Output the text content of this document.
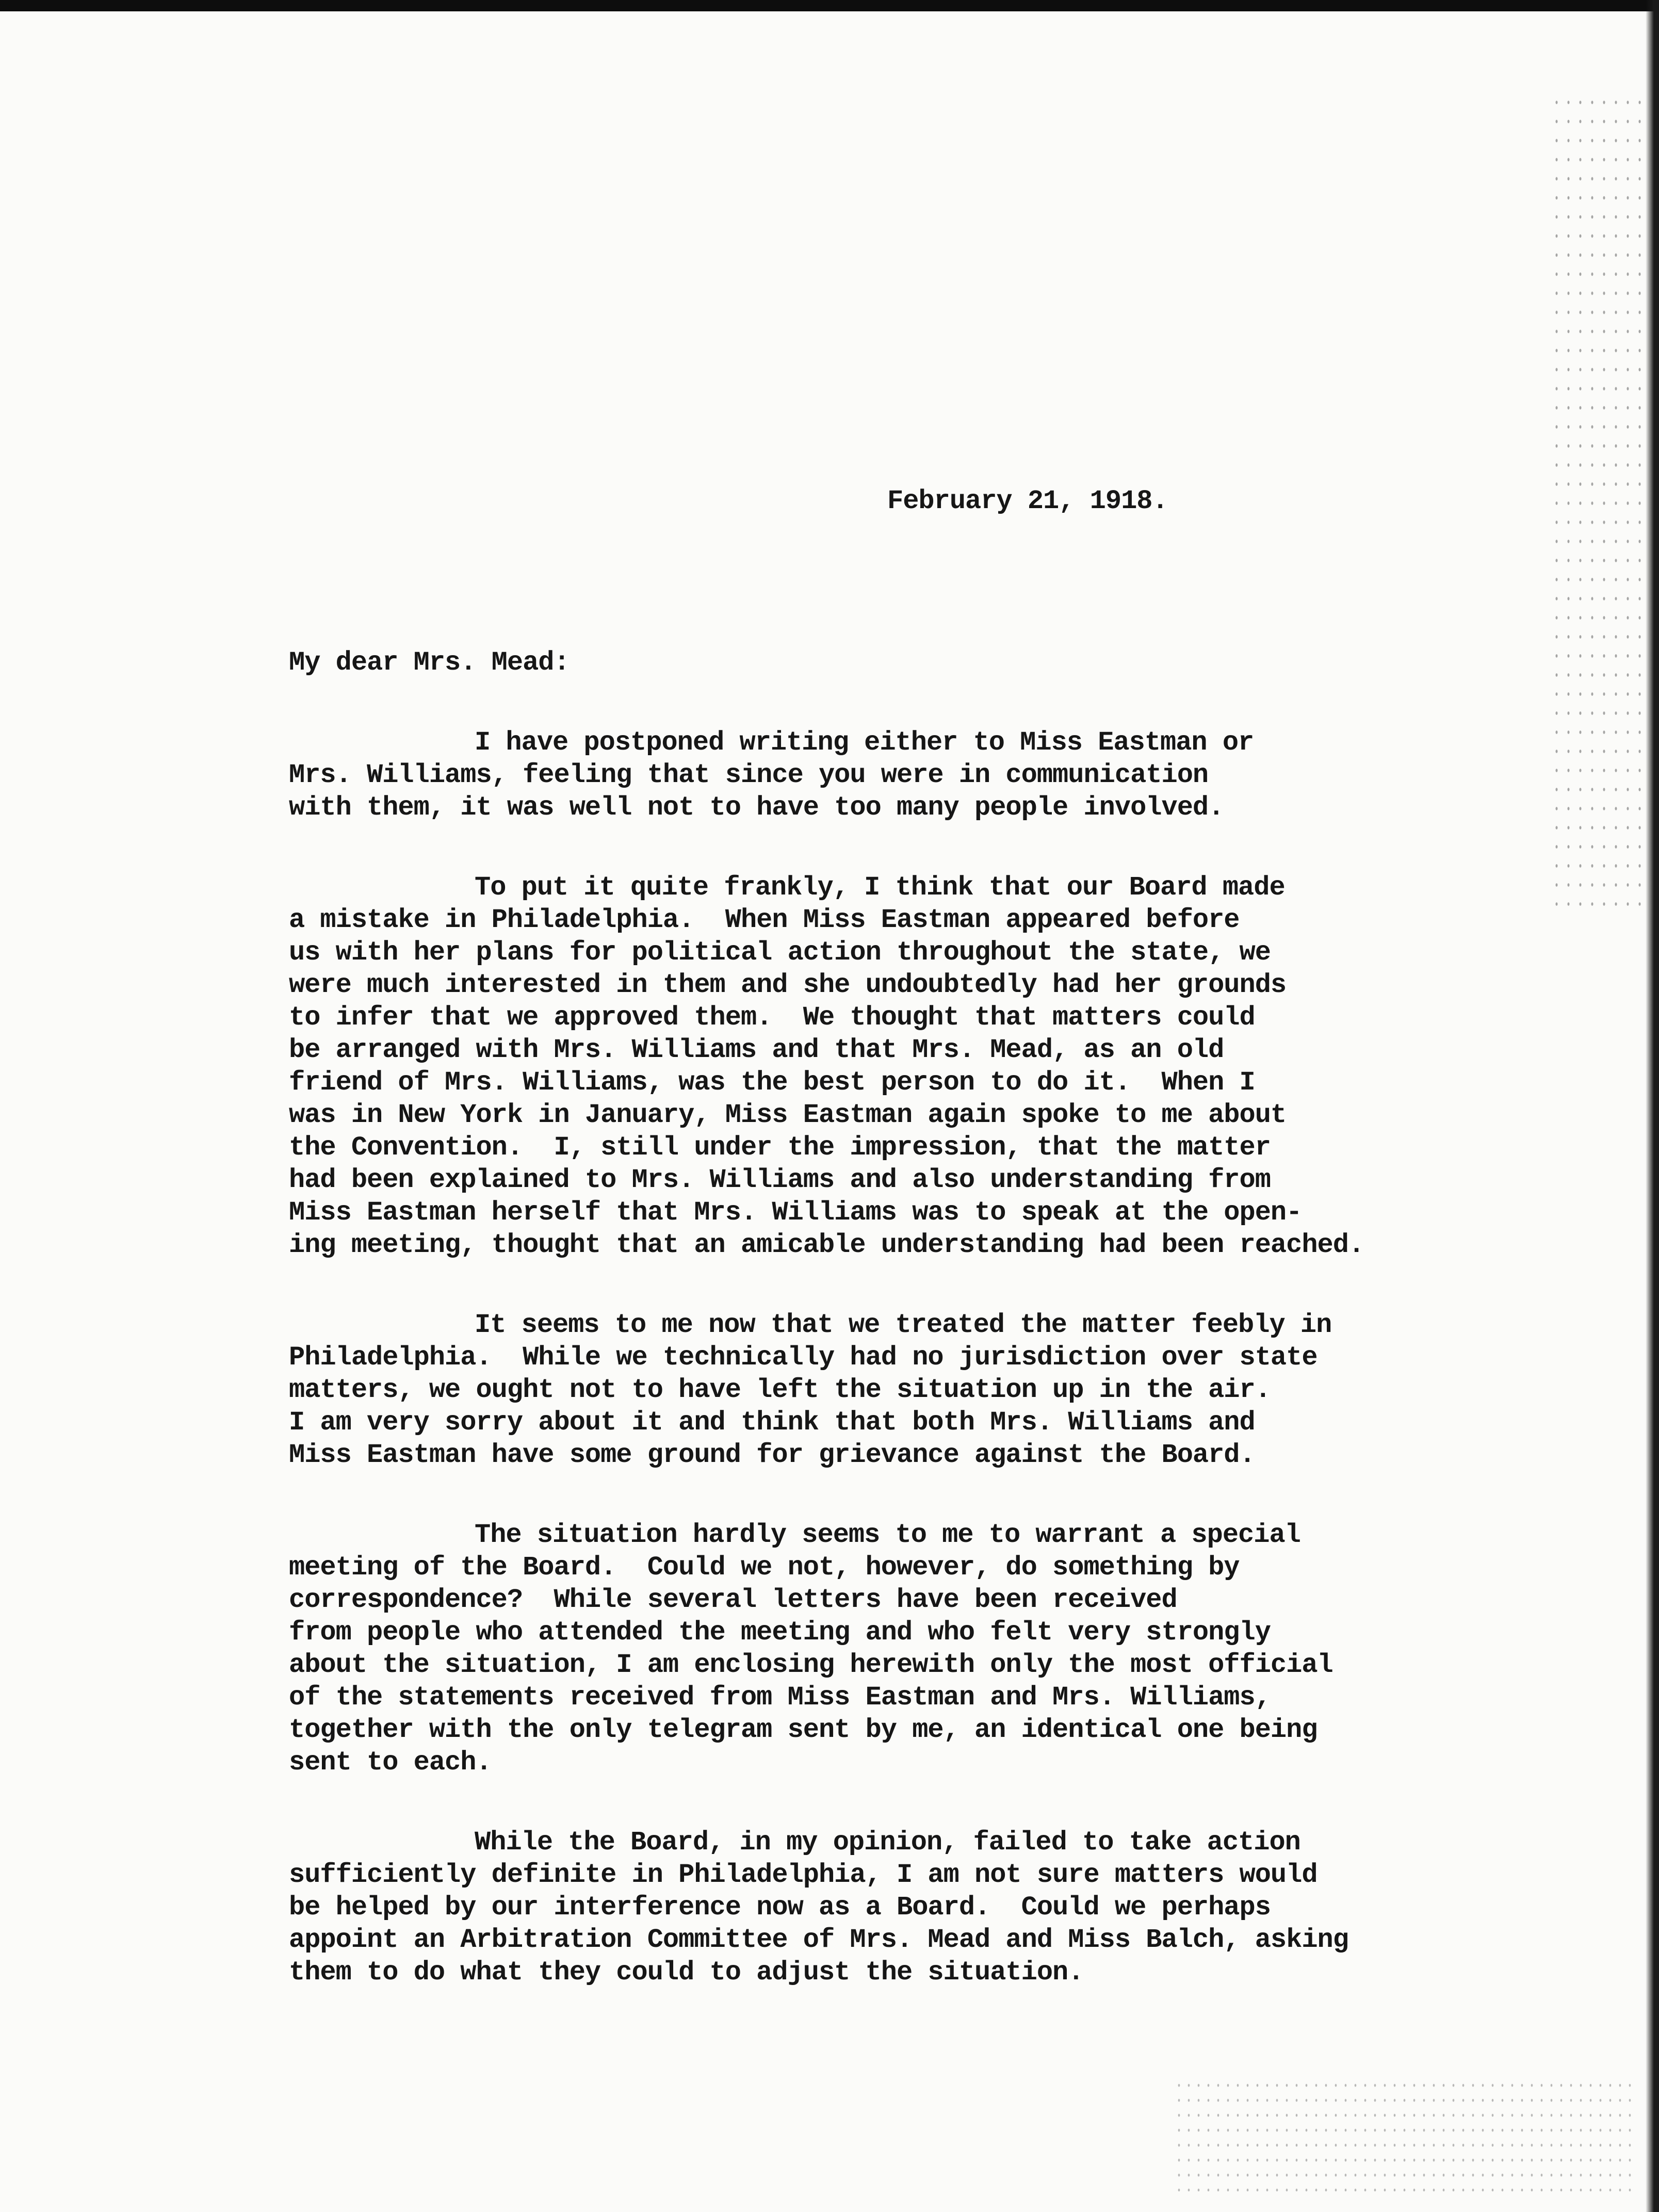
February 21, 1918.
My dear Mrs. Mead:
I have postponed writing either to Miss Eastman or
Mrs. Williams, feeling that since you were in communication
with them, it was well not to have too many people involved.
To put it quite frankly, I think that our Board made
a mistake in Philadelphia.  When Miss Eastman appeared before
us with her plans for political action throughout the state, we
were much interested in them and she undoubtedly had her grounds
to infer that we approved them.  We thought that matters could
be arranged with Mrs. Williams and that Mrs. Mead, as an old
friend of Mrs. Williams, was the best person to do it.  When I
was in New York in January, Miss Eastman again spoke to me about
the Convention.  I, still under the impression, that the matter
had been explained to Mrs. Williams and also understanding from
Miss Eastman herself that Mrs. Williams was to speak at the open-
ing meeting, thought that an amicable understanding had been reached.
It seems to me now that we treated the matter feebly in
Philadelphia.  While we technically had no jurisdiction over state
matters, we ought not to have left the situation up in the air.
I am very sorry about it and think that both Mrs. Williams and
Miss Eastman have some ground for grievance against the Board.
The situation hardly seems to me to warrant a special
meeting of the Board.  Could we not, however, do something by
correspondence?  While several letters have been received
from people who attended the meeting and who felt very strongly
about the situation, I am enclosing herewith only the most official
of the statements received from Miss Eastman and Mrs. Williams,
together with the only telegram sent by me, an identical one being
sent to each.
While the Board, in my opinion, failed to take action
sufficiently definite in Philadelphia, I am not sure matters would
be helped by our interference now as a Board.  Could we perhaps
appoint an Arbitration Committee of Mrs. Mead and Miss Balch, asking
them to do what they could to adjust the situation.
